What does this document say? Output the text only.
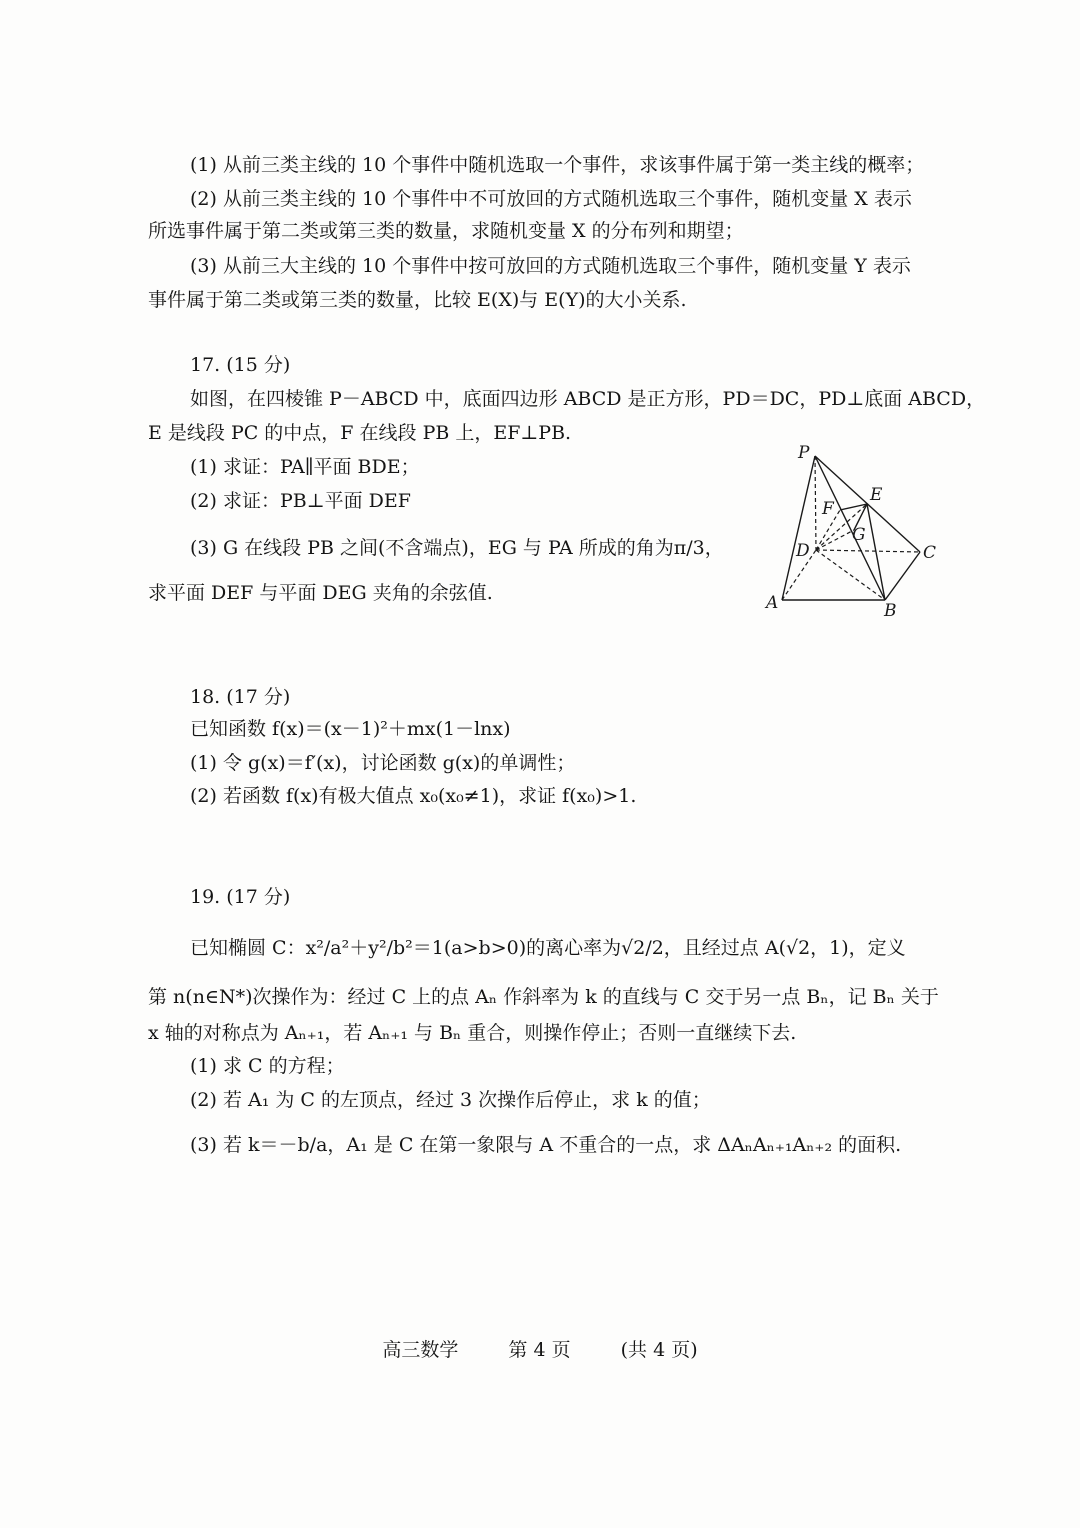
(1) 从前三类主线的 10 个事件中随机选取一个事件，求该事件属于第一类主线的概率；
(2) 从前三类主线的 10 个事件中不可放回的方式随机选取三个事件，随机变量 X 表示
所选事件属于第二类或第三类的数量，求随机变量 X 的分布列和期望；
(3) 从前三大主线的 10 个事件中按可放回的方式随机选取三个事件，随机变量 Y 表示
事件属于第二类或第三类的数量，比较 E(X)与 E(Y)的大小关系.
17. (15 分)
如图，在四棱锥 P－ABCD 中，底面四边形 ABCD 是正方形，PD＝DC，PD⊥底面 ABCD，
E 是线段 PC 的中点，F 在线段 PB 上，EF⊥PB.
(1) 求证：PA∥平面 BDE；
(2) 求证：PB⊥平面 DEF
(3) G 在线段 PB 之间(不含端点)，EG 与 PA 所成的角为π/3，
求平面 DEF 与平面 DEG 夹角的余弦值.
P
E
F
G
D	C
A	B
18. (17 分)
已知函数 f(x)＝(x－1)²＋mx(1－lnx)
(1) 令 g(x)＝f′(x)，讨论函数 g(x)的单调性；
(2) 若函数 f(x)有极大值点 x₀(x₀≠1)，求证 f(x₀)>1.
19. (17 分)
已知椭圆 C：x²/a²＋y²/b²＝1(a>b>0)的离心率为√2/2，且经过点 A(√2，1)，定义
第 n(n∈N*)次操作为：经过 C 上的点 Aₙ 作斜率为 k 的直线与 C 交于另一点 Bₙ，记 Bₙ 关于
x 轴的对称点为 Aₙ₊₁，若 Aₙ₊₁ 与 Bₙ 重合，则操作停止；否则一直继续下去.
(1) 求 C 的方程；
(2) 若 A₁ 为 C 的左顶点，经过 3 次操作后停止，求 k 的值；
(3) 若 k＝－b/a，A₁ 是 C 在第一象限与 A 不重合的一点，求 ΔAₙAₙ₊₁Aₙ₊₂ 的面积.
高三数学	第 4 页	(共 4 页)
